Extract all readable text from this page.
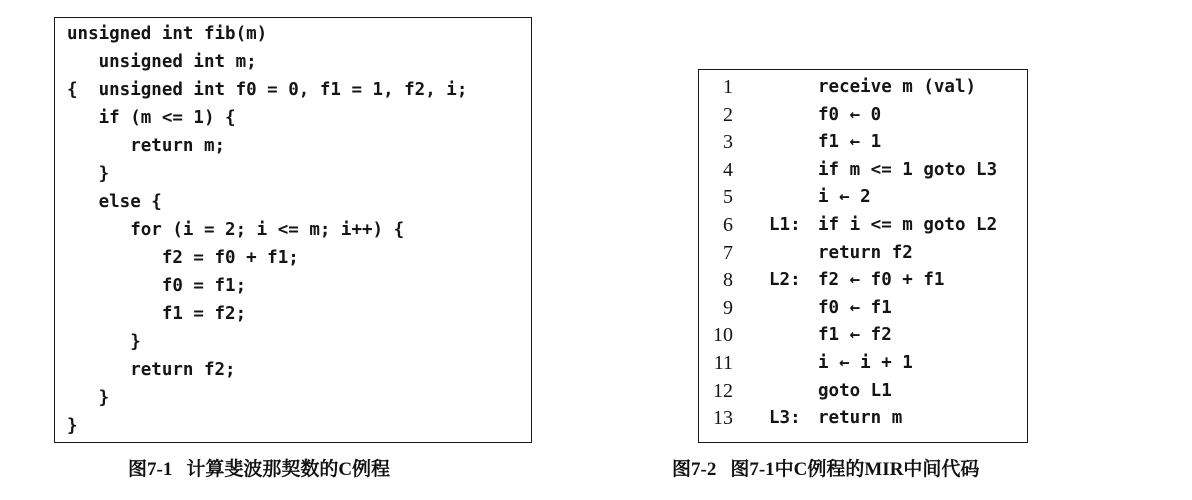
unsigned int fib(m)
unsigned int m;
{  unsigned int f0 = 0, f1 = 1, f2, i;
if (m <= 1) {
return m;
}
else {
for (i = 2; i <= m; i++) {
f2 = f0 + f1;
f0 = f1;
f1 = f2;
}
return f2;
}
}
1	receive m (val)
2	f0 ← 0
3	f1 ← 1
4	if m <= 1 goto L3
5	i ← 2
6 L1: if i <= m goto L2
7	return f2
8 L2: f2 ← f0 + f1
9	f0 ← f1
10	f1 ← f2
11	i ← i + 1
12	goto L1
13 L3: return m
图7-1 计算斐波那契数的C例程	图7-2 图7-1中C例程的MIR中间代码
